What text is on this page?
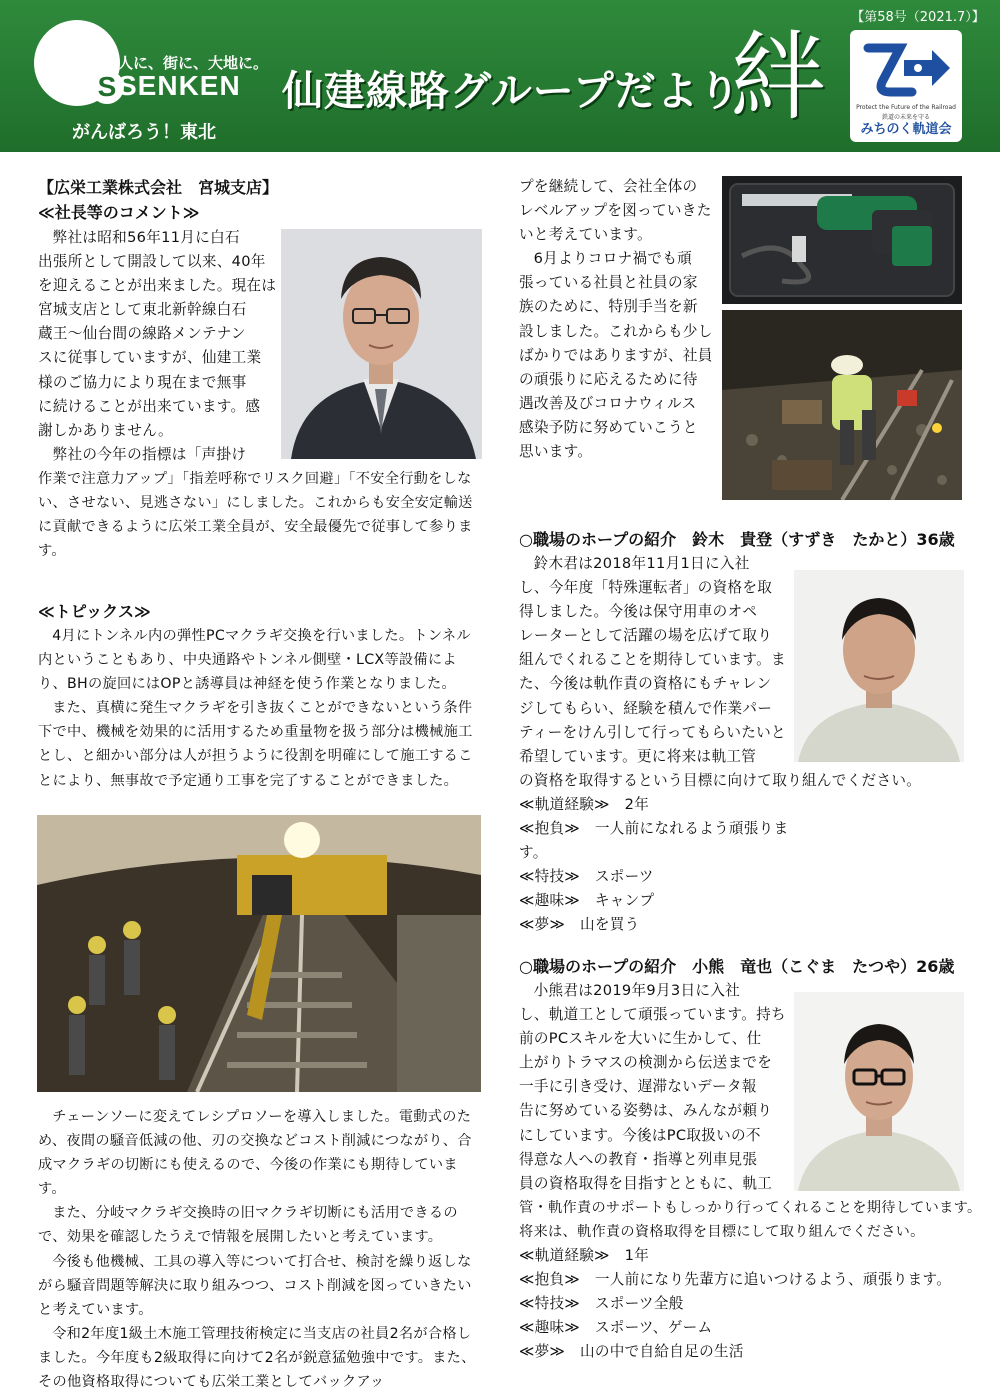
S
人に、街に、大地に。
SENKEN
がんばろう！東北
仙建線路グループだより
絆
【第58号（2021.7）】
Protect the Future of the Railroad
鉄道の未来を守る
みちのく軌道会
【広栄工業株式会社　宮城支店】
≪社長等のコメント≫

弊社は昭和56年11月に白石

出張所として開設して以来、40年

を迎えることが出来ました。現在は

宮城支店として東北新幹線白石

蔵王～仙台間の線路メンテナン

スに従事していますが、仙建工業

様のご協力により現在まで無事

に続けることが出来ています。感

謝しかありません。

弊社の今年の指標は「声掛け

作業で注意力アップ」「指差呼称でリスク回避」「不安全行動をしない、させない、見逃さない」にしました。これからも安全安定輸送に貢献できるように広栄工業全員が、安全最優先で従事して参ります。

≪トピックス≫

4月にトンネル内の弾性PCマクラギ交換を行いました。トンネル内ということもあり、中央通路やトンネル側壁・LCX等設備により、BHの旋回にはOPと誘導員は神経を使う作業となりました。

また、真横に発生マクラギを引き抜くことができないという条件下で中、機械を効果的に活用するため重量物を扱う部分は機械施工とし、と細かい部分は人が担うように役割を明確にして施工することにより、無事故で予定通り工事を完了することができました。

チェーンソーに変えてレシプロソーを導入しました。電動式のため、夜間の騒音低減の他、刃の交換などコスト削減につながり、合成マクラギの切断にも使えるので、今後の作業にも期待しています。

また、分岐マクラギ交換時の旧マクラギ切断にも活用できるので、効果を確認したうえで情報を展開したいと考えています。

今後も他機械、工具の導入等について打合せ、検討を繰り返しながら騒音問題等解決に取り組みつつ、コスト削減を図っていきたいと考えています。

令和2年度1級土木施工管理技術検定に当支店の社員2名が合格しました。今年度も2級取得に向けて2名が鋭意猛勉強中です。また、その他資格取得についても広栄工業としてバックアッ

プを継続して、会社全体の

レベルアップを図っていきた

いと考えています。

6月よりコロナ禍でも頑

張っている社員と社員の家

族のために、特別手当を新

設しました。これからも少し

ばかりではありますが、社員

の頑張りに応えるために待

遇改善及びコロナウィルス

感染予防に努めていこうと

思います。

○職場のホープの紹介　鈴木　貴登（すずき　たかと）36歳

鈴木君は2018年11月1日に入社

し、今年度「特殊運転者」の資格を取

得しました。今後は保守用車のオペ

レーターとして活躍の場を広げて取り

組んでくれることを期待しています。ま

た、今後は軌作責の資格にもチャレン

ジしてもらい、経験を積んで作業パー

ティーをけん引して行ってもらいたいと

希望しています。更に将来は軌工管

の資格を取得するという目標に向けて取り組んでください。

≪軌道経験≫　2年

≪抱負≫　一人前になれるよう頑張ります。

≪特技≫　スポーツ

≪趣味≫　キャンプ

≪夢≫　山を買う

○職場のホープの紹介　小熊　竜也（こぐま　たつや）26歳

小熊君は2019年9月3日に入社

し、軌道工として頑張っています。持ち

前のPCスキルを大いに生かして、仕

上がりトラマスの検測から伝送までを

一手に引き受け、遅滞ないデータ報

告に努めている姿勢は、みんなが頼り

にしています。今後はPC取扱いの不

得意な人への教育・指導と列車見張

員の資格取得を目指すとともに、軌工

管・軌作責のサポートもしっかり行ってくれることを期待しています。

将来は、軌作責の資格取得を目標にして取り組んでください。

≪軌道経験≫　1年

≪抱負≫　一人前になり先輩方に追いつけるよう、頑張ります。

≪特技≫　スポーツ全般

≪趣味≫　スポーツ、ゲーム

≪夢≫　山の中で自給自足の生活
